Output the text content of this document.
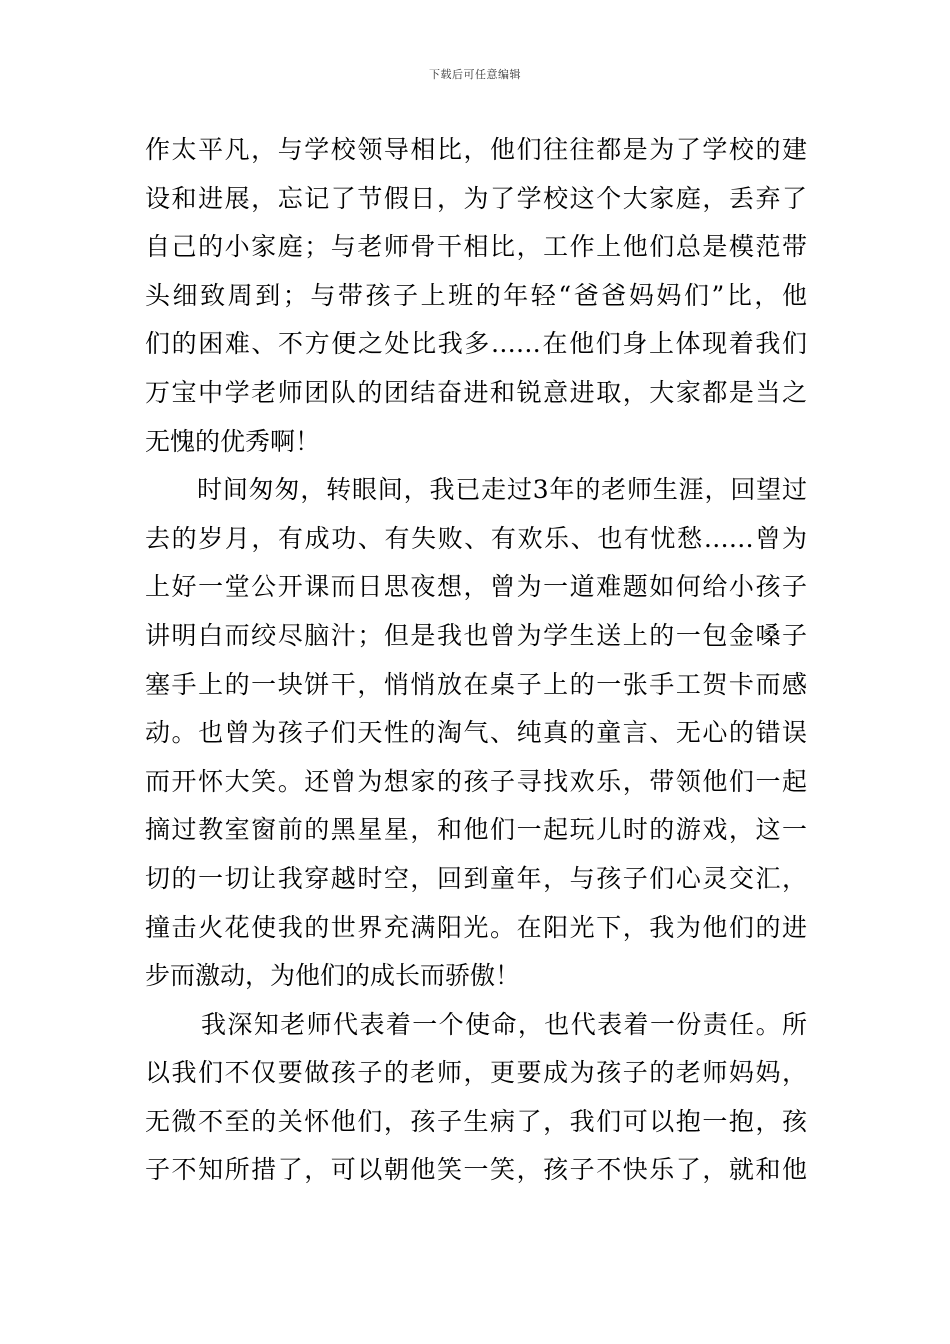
下载后可任意编辑
作太平凡，与学校领导相比，他们往往都是为了学校的建
设和进展，忘记了节假日，为了学校这个大家庭，丢弃了
自己的小家庭；与老师骨干相比，工作上他们总是模范带
头细致周到；与带孩子上班的年轻“爸爸妈妈们”比，他
们的困难、不方便之处比我多……在他们身上体现着我们
万宝中学老师团队的团结奋进和锐意进取，大家都是当之
无愧的优秀啊！
时间匆匆，转眼间，我已走过3年的老师生涯，回望过
去的岁月，有成功、有失败、有欢乐、也有忧愁……曾为
上好一堂公开课而日思夜想，曾为一道难题如何给小孩子
讲明白而绞尽脑汁；但是我也曾为学生送上的一包金嗓子
塞手上的一块饼干，悄悄放在桌子上的一张手工贺卡而感
动。也曾为孩子们天性的淘气、纯真的童言、无心的错误
而开怀大笑。还曾为想家的孩子寻找欢乐，带领他们一起
摘过教室窗前的黑星星，和他们一起玩儿时的游戏，这一
切的一切让我穿越时空，回到童年，与孩子们心灵交汇，
撞击火花使我的世界充满阳光。在阳光下，我为他们的进
步而激动，为他们的成长而骄傲！
我深知老师代表着一个使命，也代表着一份责任。所
以我们不仅要做孩子的老师，更要成为孩子的老师妈妈，
无微不至的关怀他们，孩子生病了，我们可以抱一抱，孩
子不知所措了，可以朝他笑一笑，孩子不快乐了，就和他
